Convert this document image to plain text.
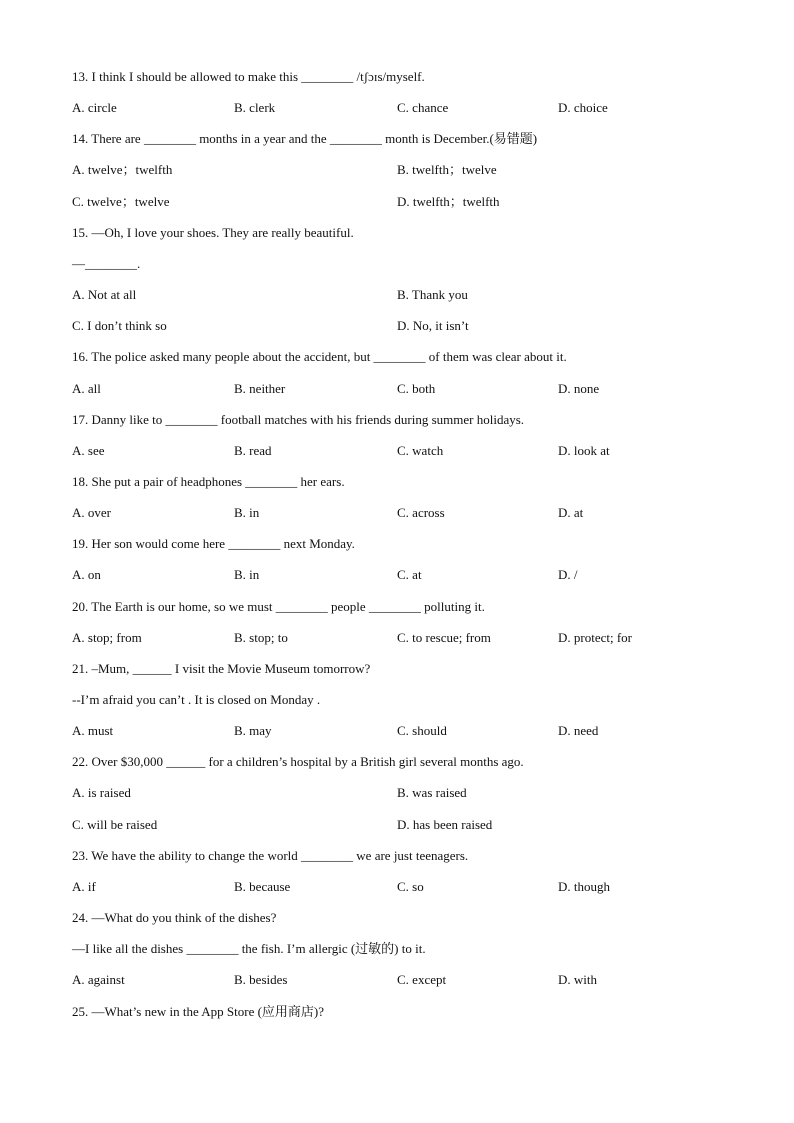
13. I think I should be allowed to make this ________ /tʃɔɪs/myself.
A. circle	B. clerk	C. chance	D. choice
14. There are ________ months in a year and the ________ month is December.(易错题)
A. twelve；twelfth	B. twelfth；twelve
C. twelve；twelve	D. twelfth；twelfth
15. —Oh, I love your shoes. They are really beautiful.
—________.
A. Not at all	B. Thank you
C. I don’t think so	D. No, it isn’t
16. The police asked many people about the accident, but ________ of them was clear about it.
A. all	B. neither	C. both	D. none
17. Danny like to ________ football matches with his friends during summer holidays.
A. see	B. read	C. watch	D. look at
18. She put a pair of headphones ________ her ears.
A. over	B. in	C. across	D. at
19. Her son would come here ________ next Monday.
A. on	B. in	C. at	D. /
20. The Earth is our home, so we must ________ people ________ polluting it.
A. stop; from	B. stop; to	C. to rescue; from	D. protect; for
21. –Mum, ______ I visit the Movie Museum tomorrow?
--I’m afraid you can’t . It is closed on Monday .
A. must	B. may	C. should	D. need
22. Over $30,000 ______ for a children’s hospital by a British girl several months ago.
A. is raised	B. was raised
C. will be raised	D. has been raised
23. We have the ability to change the world ________ we are just teenagers.
A. if	B. because	C. so	D. though
24. —What do you think of the dishes?
—I like all the dishes ________ the fish. I’m allergic (过敏的) to it.
A. against	B. besides	C. except	D. with
25. —What’s new in the App Store (应用商店)?
